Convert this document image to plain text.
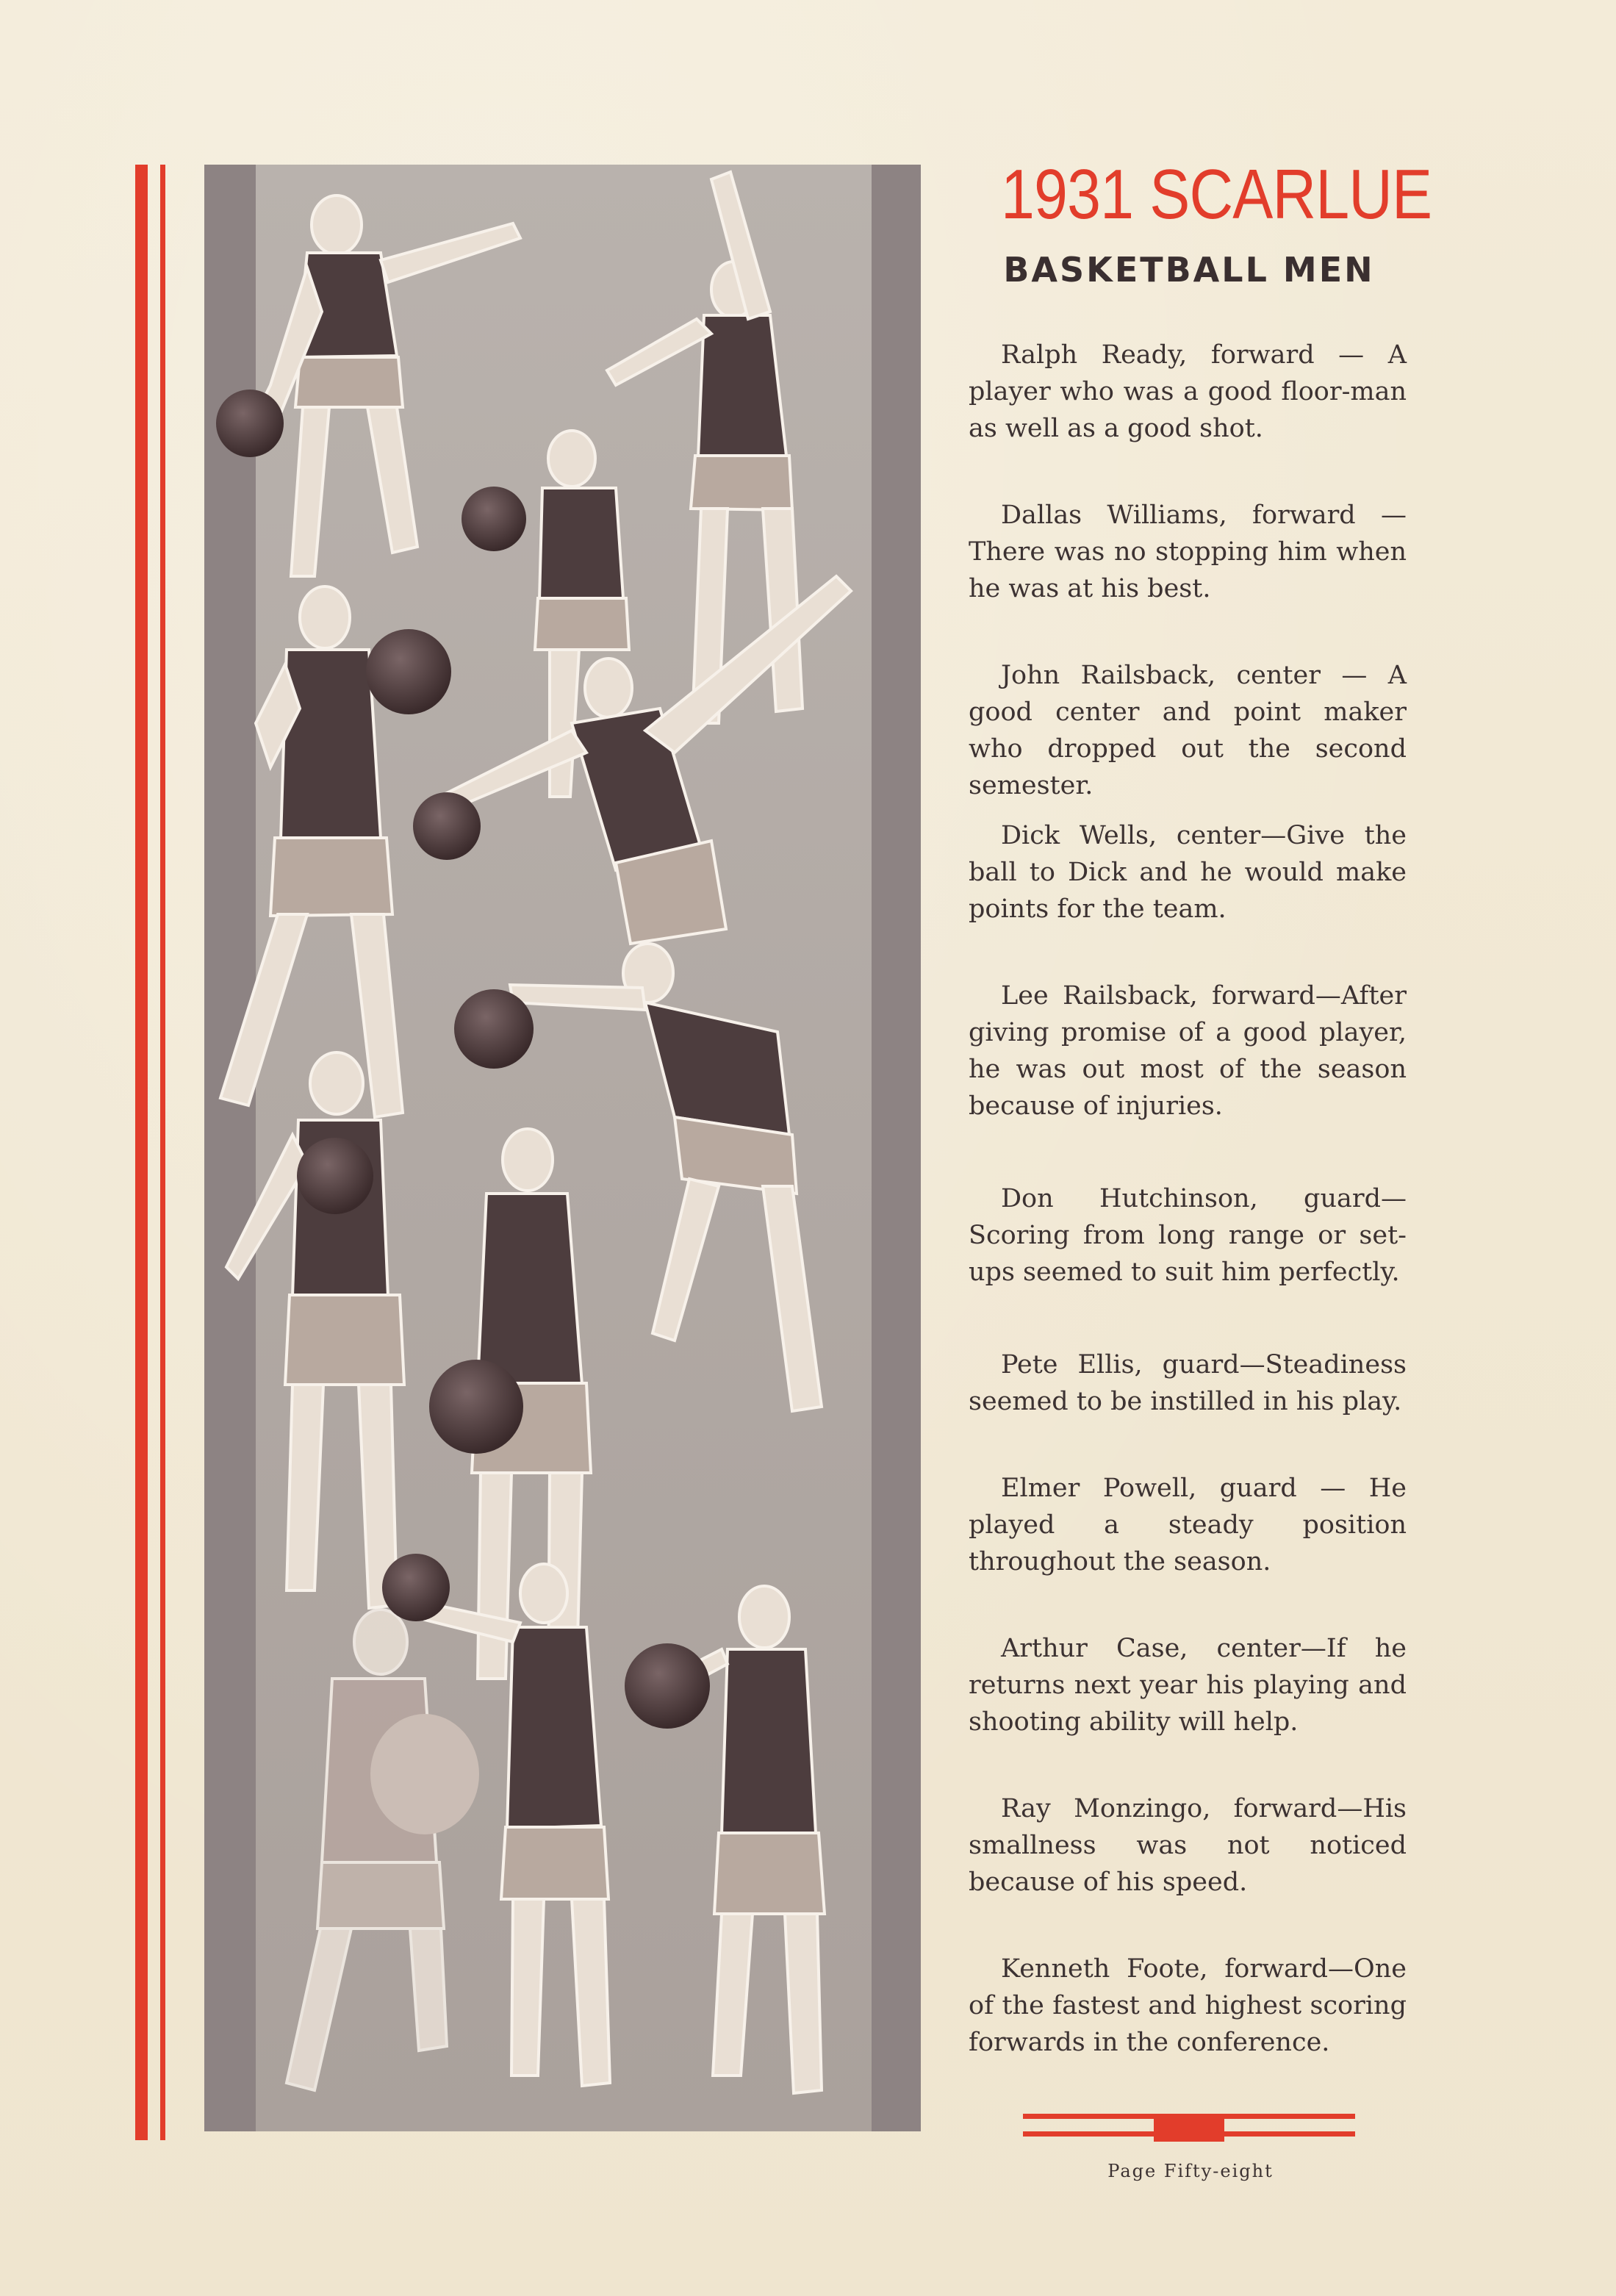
1931 SCARLUE
BASKETBALL MEN

Ralph Ready, forward — A player who was a good floor-man as well as a good shot.

Dallas Williams, forward — There was no stopping him when he was at his best.

John Railsback, center — A good center and point maker who dropped out the second semester.

Dick Wells, center—Give the ball to Dick and he would make points for the team.

Lee Railsback, forward—After giving promise of a good player, he was out most of the season because of injuries.

Don Hutchinson, guard—Scoring from long range or set-ups seemed to suit him perfectly.

Pete Ellis, guard—Steadiness seemed to be instilled in his play.

Elmer Powell, guard — He played a steady position throughout the season.

Arthur Case, center—If he returns next year his playing and shooting ability will help.

Ray Monzingo, forward—His smallness was not noticed because of his speed.

Kenneth Foote, forward—One of the fastest and highest scoring forwards in the conference.

Page Fifty-eight
